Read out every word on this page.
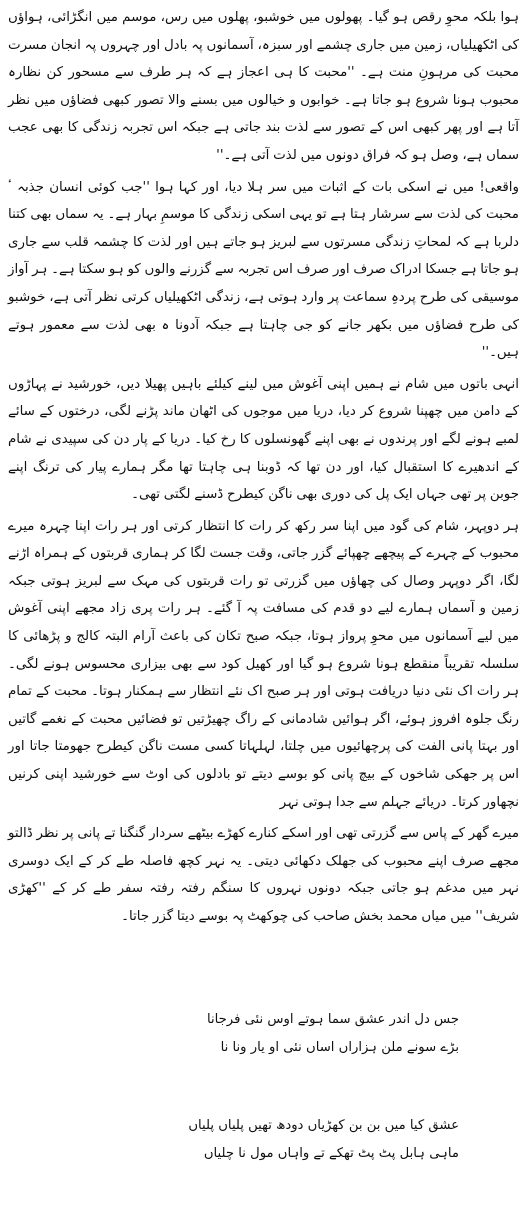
ہوا بلکہ محوِ رقص ہو گیا۔ پھولوں میں خوشبو، پھلوں میں رس، موسم میں انگڑائی، ہواؤں کی اٹکھیلیاں، زمین میں جاری چشمے اور سبزہ، آسمانوں پہ بادل اور چہروں پہ انجان مسرت محبت کی مرہونِ منت ہے۔ ''محبت کا ہی اعجاز ہے کہ ہر طرف سے مسحور کن نظارہ محبوب ہونا شروع ہو جاتا ہے۔ خوابوں و خیالوں میں بسنے والا تصور کبھی فضاؤں میں نظر آتا ہے اور پھر کبھی اس کے تصور سے لذت بند جاتی ہے جبکہ اس تجربہ زندگی کا بھی عجب سماں ہے، وصل ہو کہ فراق دونوں میں لذت آتی ہے۔''

واقعی! میں نے اسکی بات کے اثبات میں سر ہلا دیا، اور کہا ہوا ''جب کوئی انسان جذبہ ٴ محبت کی لذت سے سرشار ہتا ہے تو یہی اسکی زندگی کا موسمِ بہار ہے۔ یہ سماں بھی کتنا دلربا ہے کہ لمحاتِ زندگی مسرتوں سے لبریز ہو جاتے ہیں اور لذت کا چشمہ قلب سے جاری ہو جاتا ہے جسکا ادراک صرف اور صرف اس تجربہ سے گزرنے والوں کو ہو سکتا ہے۔ ہر آواز موسیقی کی طرح پردہِ سماعت پر وارد ہوتی ہے، زندگی اٹکھیلیاں کرتی نظر آتی ہے، خوشبو کی طرح فضاؤں میں بکھر جانے کو جی چاہتا ہے جبکہ آدونا ہ بھی لذت سے معمور ہوتے ہیں۔''

انہی باتوں میں شام نے ہمیں اپنی آغوش میں لینے کیلئے باہیں پھیلا دیں، خورشید نے پہاڑوں کے دامن میں چھپنا شروع کر دیا، دریا میں موجوں کی اٹھان ماند پڑنے لگی، درختوں کے سائے لمبے ہونے لگے اور پرندوں نے بھی اپنے گھونسلوں کا رخ کیا۔ دریا کے پار دن کی سپیدی نے شام کے اندھیرے کا استقبال کیا، اور دن تھا کہ ڈوبنا ہی چاہتا تھا مگر ہمارے پیار کی ترنگ اپنے جوبن پر تھی جہاں ایک پل کی دوری بھی ناگن کیطرح ڈسنے لگتی تھی۔

ہر دوپہر، شام کی گود میں اپنا سر رکھ کر رات کا انتظار کرتی اور ہر رات اپنا چہرہ میرے محبوب کے چہرے کے پیچھے چھپائے گزر جاتی، وقت جست لگا کر ہماری قربتوں کے ہمراہ اڑنے لگا، اگر دوپہر وصال کی چھاؤں میں گزرتی تو رات قربتوں کی مہک سے لبریز ہوتی جبکہ زمین و آسماں ہمارے لیے دو قدم کی مسافت پہ آ گئے۔ ہر رات پری زاد مجھے اپنی آغوش میں لیے آسمانوں میں محوِ پرواز ہوتا، جبکہ صبح تکان کی باعث آرام البتہ کالج و پڑھائی کا سلسلہ تقریباً منقطع ہونا شروع ہو گیا اور کھیل کود سے بھی بیزاری محسوس ہونے لگی۔ ہر رات اک نئی دنیا دریافت ہوتی اور ہر صبح اک نئے انتظار سے ہمکنار ہوتا۔ محبت کے تمام رنگ جلوہ افروز ہوئے، اگر ہوائیں شادمانی کے راگ چھیڑتیں تو فضائیں محبت کے نغمے گاتیں اور بہتا پانی الفت کی پرچھائیوں میں چلتا، لہلہاتا کسی مست ناگن کیطرح جھومتا جاتا اور اس پر جھکی شاخوں کے بیچ پانی کو بوسے دیتے تو بادلوں کی اوٹ سے خورشید اپنی کرنیں نچھاور کرتا۔ دریائے جہلم سے جدا ہوتی نہر

میرے گھر کے پاس سے گزرتی تھی اور اسکے کنارے کھڑے بیٹھے سردار گنگنا تے پانی پر نظر ڈالتو مجھے صرف اپنے محبوب کی جھلک دکھائی دیتی۔ یہ نہر کچھ فاصلہ طے کر کے ایک دوسری نہر میں مدغم ہو جاتی جبکہ دونوں نہروں کا سنگم رفتہ رفتہ سفر طے کر کے ''کھڑی شریف'' میں میاں محمد بخش صاحب کی چوکھٹ پہ بوسے دیتا گزر جاتا۔

جس دل اندر عشق سما ہوتے اوس نئی فرجانا
بڑے سونے ملن ہزاراں اساں نئی او یار ونا نا
عشق کیا میں بن بن کھڑیاں دودھ تھیں پلیاں پلیاں
ماہی ہابل پٹ پٹ تھکے تے واہاں مول نا چلیاں
